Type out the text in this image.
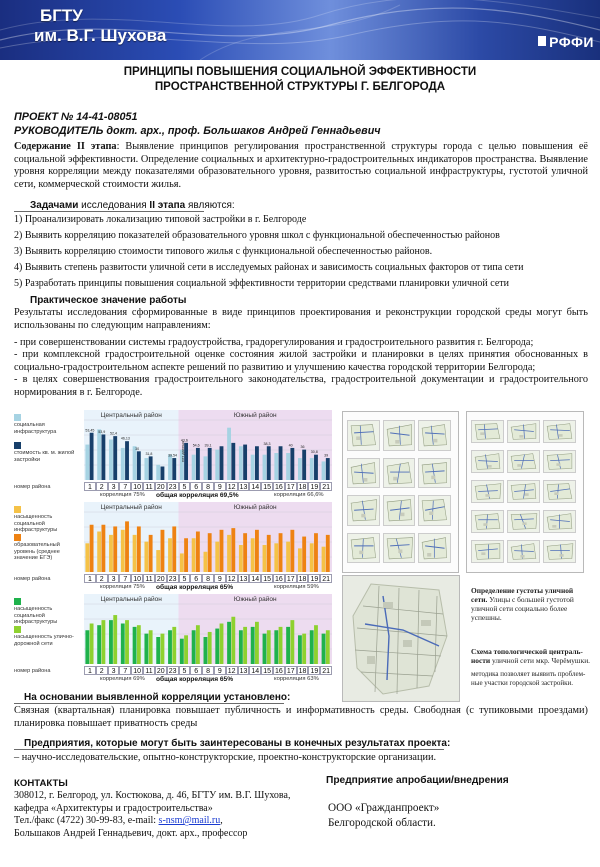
БГТУ
им. В.Г. Шухова	РФФИ
ПРИНЦИПЫ ПОВЫШЕНИЯ СОЦИАЛЬНОЙ ЭФФЕКТИВНОСТИ
ПРОСТРАНСТВЕННОЙ СТРУКТУРЫ Г. БЕЛГОРОДА
ПРОЕКТ № 14-41-08051
РУКОВОДИТЕЛЬ докт. арх., проф. Большаков Андрей Геннадьевич
Содержание II этапа: Выявление принципов регулирования пространственной структуры города с целью повышения её социальной эффективности. Определение социальных и архитектурно-градостроительных индикаторов пространства. Выявление уровня корреляции между показателями образовательного уровня, развитостью социальной инфраструктуры, густотой уличной сети, коммерческой стоимости жилья.
Задачами исследования II этапа являются:
1) Проанализировать локализацию типовой застройки в г. Белгороде
2) Выявить корреляцию показателей образовательного уровня школ с функциональной обеспеченностью районов
3) Выявить корреляцию стоимости типового жилья с функциональной обеспеченностью районов.
4) Выявить степень развитости уличной сети в исследуемых районах и зависимость социальных факторов от типа сети
5) Разработать принципы повышения социальной эффективности территории средствами планировки уличной сети
Практическое значение работы
Результаты исследования сформированные в виде принципов проектирования и реконструкции городской среды могут быть использованы по следующим направлениям:
- при совершенствовании системы градоустройства, градорегулирования и градостроительного развития г. Белгорода;
- при комплексной градостроительной оценке состояния жилой застройки и планировки в целях принятия обоснованных в социально-градостроительном аспекте решений по развитию и улучшению качества городской территории Белгорода;
- в целях совершенствования градостроительного законодательства, градостроительной документации и градостроительного нормирования в г. Белгороде.
социальная инфраструктура
стоимость кв. м. жилой застройки
Центральный район	Южный район
53,45 53,9 52,4
46,13
30
31,8	39,54
43,6
54,6 39,1	38,3	40 36
30,8
39
нет данных
номер района	1	2	3	7 10 11 20 23 5	6	8	9 12 13 14 15 16 17 18 19 21
корреляция 75% общая корреляция 69,5%	корреляция 66,6%
насыщенность социальной инфраструктуры
образовательный уровень (среднее значение ЕГЭ)
Центральный район	Южный район
номер района	1	2	3	7 10 11 20 23 5	6	8	9 12 13 14 15 16 17 18 19 21
корреляция 75% общая корреляция 65%	корреляция 59%
насыщенность социальной инфраструктуры
насыщенность улично-дорожной сети
Центральный район	Южный район
номер района	1	2	3	7 10 11 20 23 5	6	8	9 12 13 14 15 16 17 18 19 21
корреляция 69% общая корреляция 65%	корреляция 63%
Определение густоты уличной сети. Улицы с большей густотой уличной сети социально более успешны.
Схема топологической централь-ности уличной сети мкр. Черёмушки.
методика позволяет выявить проблем-ные участки городской застройки.
На основании выявленной корреляции установлено:
Связная (квартальная) планировка повышает публичность и информативность среды. Свободная (с тупиковыми проездами) планировка повышает приватность среды
Предприятия, которые могут быть заинтересованы в конечных результатах проекта:
– научно-исследовательские, опытно-конструкторские, проектно-конструкторские организации.
КОНТАКТЫ
308012, г. Белгород, ул. Костюкова, д. 46, БГТУ им. В.Г. Шухова,
кафедра «Архитектуры и градостроительства»
Тел./факс (4722) 30-99-83, e-mail: s-nsm@mail.ru,
Большаков Андрей Геннадьевич, докт. арх., профессор
Предприятие апробации/внедрения
ООО «Гражданпроект»
Белгородской области.
